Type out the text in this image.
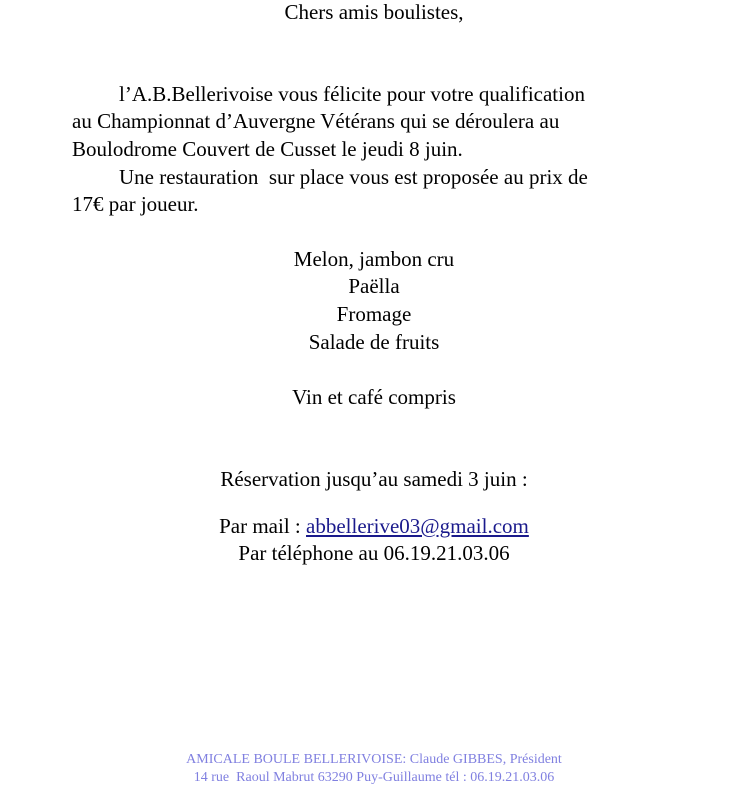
Chers amis boulistes,
l’A.B.Bellerivoise vous félicite pour votre qualification
au Championnat d’Auvergne Vétérans qui se déroulera au
Boulodrome Couvert de Cusset le jeudi 8 juin.
Une restauration  sur place vous est proposée au prix de
17€ par joueur.
Melon, jambon cru
Paëlla
Fromage
Salade de fruits
Vin et café compris
Réservation jusqu’au samedi 3 juin :
Par mail : abbellerive03@gmail.com
Par téléphone au 06.19.21.03.06
AMICALE BOULE BELLERIVOISE: Claude GIBBES, Président
14 rue  Raoul Mabrut 63290 Puy-Guillaume tél : 06.19.21.03.06
